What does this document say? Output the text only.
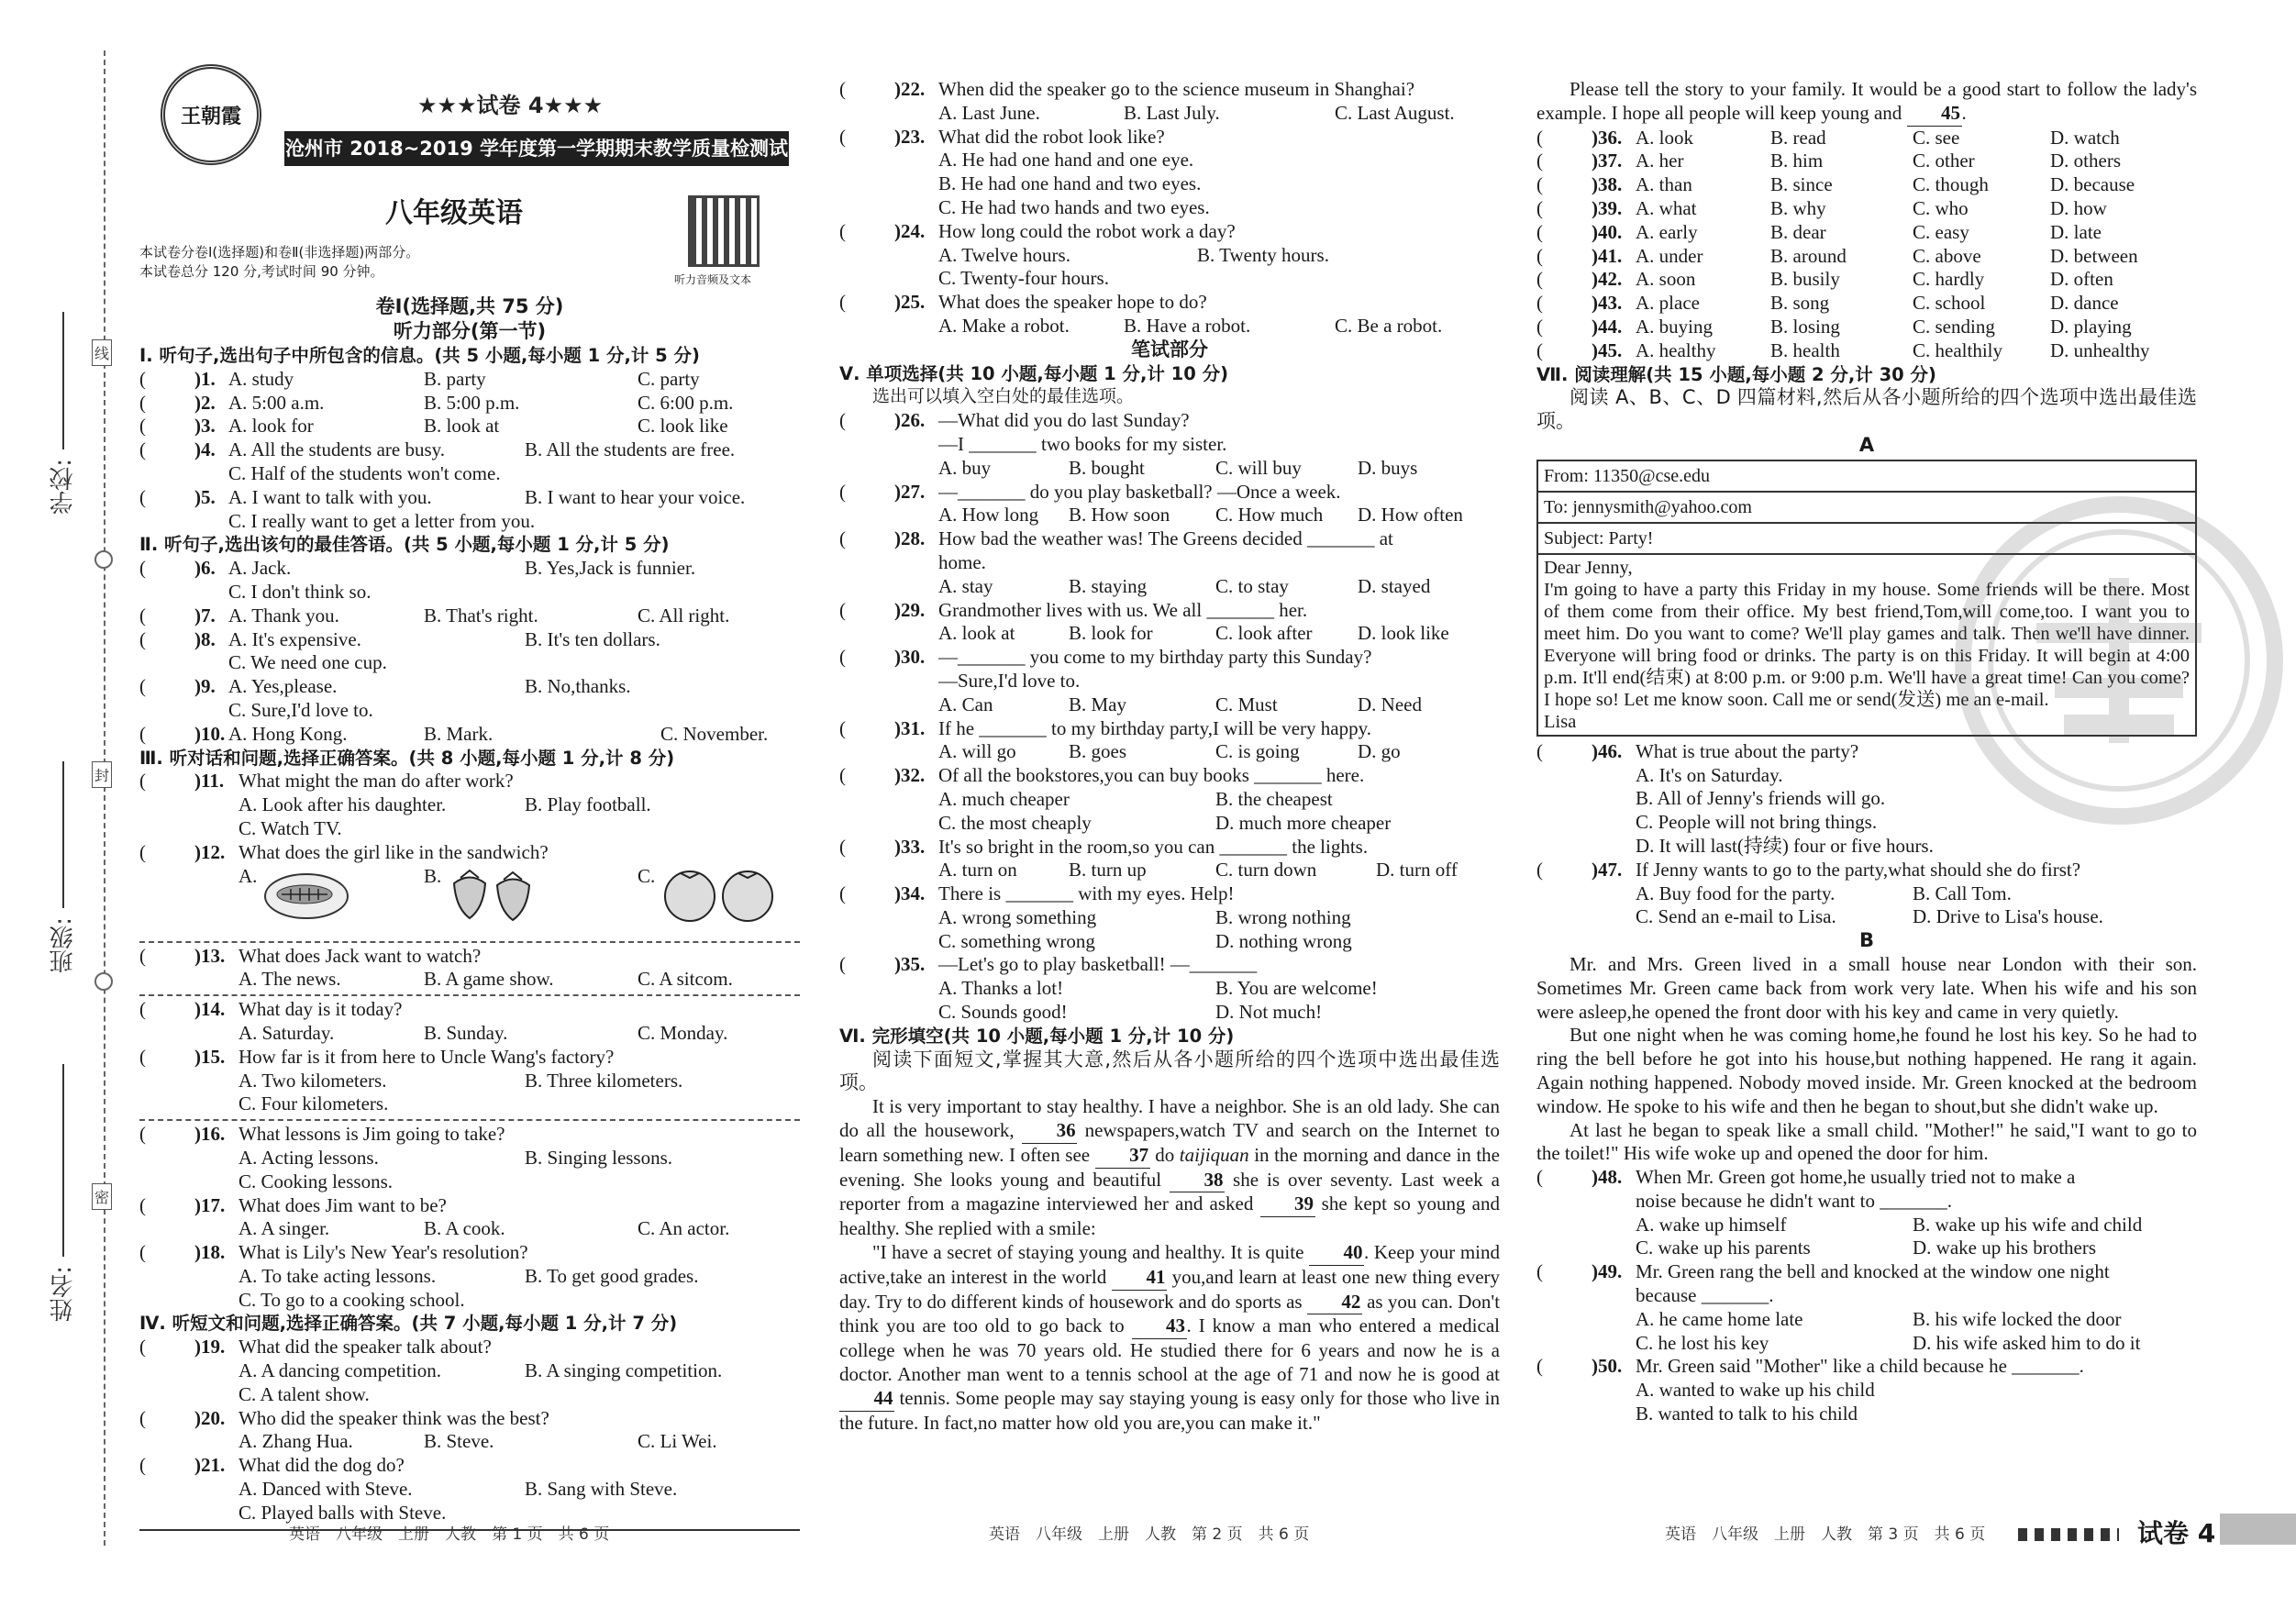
学校:
班级:
姓名:
线
封
密
王朝霞	★★★试卷 4★★★
沧州市 2018~2019 学年度第一学期期末教学质量检测试卷
八年级英语
本试卷分卷Ⅰ(选择题)和卷Ⅱ(非选择题)两部分。
本试卷总分 120 分,考试时间 90 分钟。	听力音频及文本
卷Ⅰ(选择题,共 75 分)
听力部分(第一节)
Ⅰ. 听句子,选出句子中所包含的信息。(共 5 小题,每小题 1 分,计 5 分)
(	)1. A. study	B. party	C. party
(	)2. A. 5:00 a.m.	B. 5:00 p.m.	C. 6:00 p.m.
(	)3. A. look for	B. look at	C. look like
(	)4. A. All the students are busy.	B. All the students are free.
C. Half of the students won't come.
(	)5. A. I want to talk with you.	B. I want to hear your voice.
C. I really want to get a letter from you.
Ⅱ. 听句子,选出该句的最佳答语。(共 5 小题,每小题 1 分,计 5 分)
(	)6. A. Jack.	B. Yes,Jack is funnier.
C. I don't think so.
(	)7. A. Thank you.	B. That's right.	C. All right.
(	)8. A. It's expensive.	B. It's ten dollars.
C. We need one cup.
(	)9. A. Yes,please.	B. No,thanks.
C. Sure,I'd love to.
(	)10. A. Hong Kong.	B. Mark.	C. November.
Ⅲ. 听对话和问题,选择正确答案。(共 8 小题,每小题 1 分,计 8 分)
(	)11. What might the man do after work?
A. Look after his daughter.	B. Play football.
C. Watch TV.
(	)12. What does the girl like in the sandwich?
A.	B.	C.
(	)13. What does Jack want to watch?
A. The news.	B. A game show.	C. A sitcom.
(	)14. What day is it today?
A. Saturday.	B. Sunday.	C. Monday.
(	)15. How far is it from here to Uncle Wang's factory?
A. Two kilometers.	B. Three kilometers.
C. Four kilometers.
(	)16. What lessons is Jim going to take?
A. Acting lessons.	B. Singing lessons.
C. Cooking lessons.
(	)17. What does Jim want to be?
A. A singer.	B. A cook.	C. An actor.
(	)18. What is Lily's New Year's resolution?
A. To take acting lessons.	B. To get good grades.
C. To go to a cooking school.
Ⅳ. 听短文和问题,选择正确答案。(共 7 小题,每小题 1 分,计 7 分)
(	)19. What did the speaker talk about?
A. A dancing competition.	B. A singing competition.
C. A talent show.
(	)20. Who did the speaker think was the best?
A. Zhang Hua.	B. Steve.	C. Li Wei.
(	)21. What did the dog do?
A. Danced with Steve.	B. Sang with Steve.
C. Played balls with Steve.
(	)22. When did the speaker go to the science museum in Shanghai?
A. Last June.	B. Last July.	C. Last August.
(	)23. What did the robot look like?
A. He had one hand and one eye.
B. He had one hand and two eyes.
C. He had two hands and two eyes.
(	)24. How long could the robot work a day?
A. Twelve hours.	B. Twenty hours.
C. Twenty-four hours.
(	)25. What does the speaker hope to do?
A. Make a robot.	B. Have a robot.	C. Be a robot.
笔试部分
Ⅴ. 单项选择(共 10 小题,每小题 1 分,计 10 分)
选出可以填入空白处的最佳选项。
(	)26. —What did you do last Sunday?
—I _______ two books for my sister.
A. buy	B. bought	C. will buy	D. buys
(	)27. —_______ do you play basketball? —Once a week.
A. How long B. How soon C. How much D. How often
(	)28. How bad the weather was! The Greens decided _______ at
home.
A. stay	B. staying	C. to stay	D. stayed
(	)29. Grandmother lives with us. We all _______ her.
A. look at	B. look for	C. look after D. look like
(	)30. —_______ you come to my birthday party this Sunday?
—Sure,I'd love to.
A. Can	B. May	C. Must	D. Need
(	)31. If he _______ to my birthday party,I will be very happy.
A. will go	B. goes	C. is going	D. go
(	)32. Of all the bookstores,you can buy books _______ here.
A. much cheaper	B. the cheapest
C. the most cheaply	D. much more cheaper
(	)33. It's so bright in the room,so you can _______ the lights.
A. turn on	B. turn up	C. turn down	D. turn off
(	)34. There is _______ with my eyes. Help!
A. wrong something	B. wrong nothing
C. something wrong	D. nothing wrong
(	)35. —Let's go to play basketball! —_______
A. Thanks a lot!	B. You are welcome!
C. Sounds good!	D. Not much!
Ⅵ. 完形填空(共 10 小题,每小题 1 分,计 10 分)
阅读下面短文,掌握其大意,然后从各小题所给的四个选项中选出最佳选项。
It is very important to stay healthy. I have a neighbor. She is an old lady. She can do all the housework, 36 newspapers,watch TV and search on the Internet to learn something new. I often see 37 do taijiquan in the morning and dance in the evening. She looks young and beautiful 38 she is over seventy. Last week a reporter from a magazine interviewed her and asked 39 she kept so young and healthy. She replied with a smile:
"I have a secret of staying young and healthy. It is quite 40. Keep your mind active,take an interest in the world 41 you,and learn at least one new thing every day. Try to do different kinds of housework and do sports as 42 as you can. Don't think you are too old to go back to 43. I know a man who entered a medical college when he was 70 years old. He studied there for 6 years and now he is a doctor. Another man went to a tennis school at the age of 71 and now he is good at 44 tennis. Some people may say staying young is easy only for those who live in the future. In fact,no matter how old you are,you can make it."
Please tell the story to your family. It would be a good start to follow the lady's example. I hope all people will keep young and 45.
(	)36. A. look	B. read	C. see	D. watch
(	)37. A. her	B. him	C. other	D. others
(	)38. A. than	B. since	C. though	D. because
(	)39. A. what	B. why	C. who	D. how
(	)40. A. early	B. dear	C. easy	D. late
(	)41. A. under	B. around	C. above	D. between
(	)42. A. soon	B. busily	C. hardly	D. often
(	)43. A. place	B. song	C. school	D. dance
(	)44. A. buying	B. losing	C. sending	D. playing
(	)45. A. healthy	B. health	C. healthily D. unhealthy
Ⅶ. 阅读理解(共 15 小题,每小题 2 分,计 30 分)
阅读 A、B、C、D 四篇材料,然后从各小题所给的四个选项中选出最佳选项。
A
From: 11350@cse.edu
To: jennysmith@yahoo.com
Subject: Party!
Dear Jenny,
I'm going to have a party this Friday in my house. Some friends will be there. Most of them come from their office. My best friend,Tom,will come,too. I want you to meet him. Do you want to come? We'll play games and talk. Then we'll have dinner. Everyone will bring food or drinks. The party is on this Friday. It will begin at 4:00 p.m. It'll end(结束) at 8:00 p.m. or 9:00 p.m. We'll have a great time! Can you come? I hope so! Let me know soon. Call me or send(发送) me an e-mail.
Lisa
(	)46. What is true about the party?
A. It's on Saturday.
B. All of Jenny's friends will go.
C. People will not bring things.
D. It will last(持续) four or five hours.
(	)47. If Jenny wants to go to the party,what should she do first?
A. Buy food for the party.	B. Call Tom.
C. Send an e-mail to Lisa.	D. Drive to Lisa's house.
B
Mr. and Mrs. Green lived in a small house near London with their son. Sometimes Mr. Green came back from work very late. When his wife and his son were asleep,he opened the front door with his key and came in very quietly.
But one night when he was coming home,he found he lost his key. So he had to ring the bell before he got into his house,but nothing happened. He rang it again. Again nothing happened. Nobody moved inside. Mr. Green knocked at the bedroom window. He spoke to his wife and then he began to shout,but she didn't wake up.
At last he began to speak like a small child. "Mother!" he said,"I want to go to the toilet!" His wife woke up and opened the door for him.
(	)48. When Mr. Green got home,he usually tried not to make a
noise because he didn't want to _______.
A. wake up himself	B. wake up his wife and child
C. wake up his parents	D. wake up his brothers
(	)49. Mr. Green rang the bell and knocked at the window one night
because _______.
A. he came home late	B. his wife locked the door
C. he lost his key	D. his wife asked him to do it
(	)50. Mr. Green said "Mother" like a child because he _______.
A. wanted to wake up his child
B. wanted to talk to his child
英语　八年级　上册　人教　第 1 页　共 6 页	英语　八年级　上册　人教　第 2 页　共 6 页	英语　八年级　上册　人教　第 3 页　共 6 页	试卷 4
